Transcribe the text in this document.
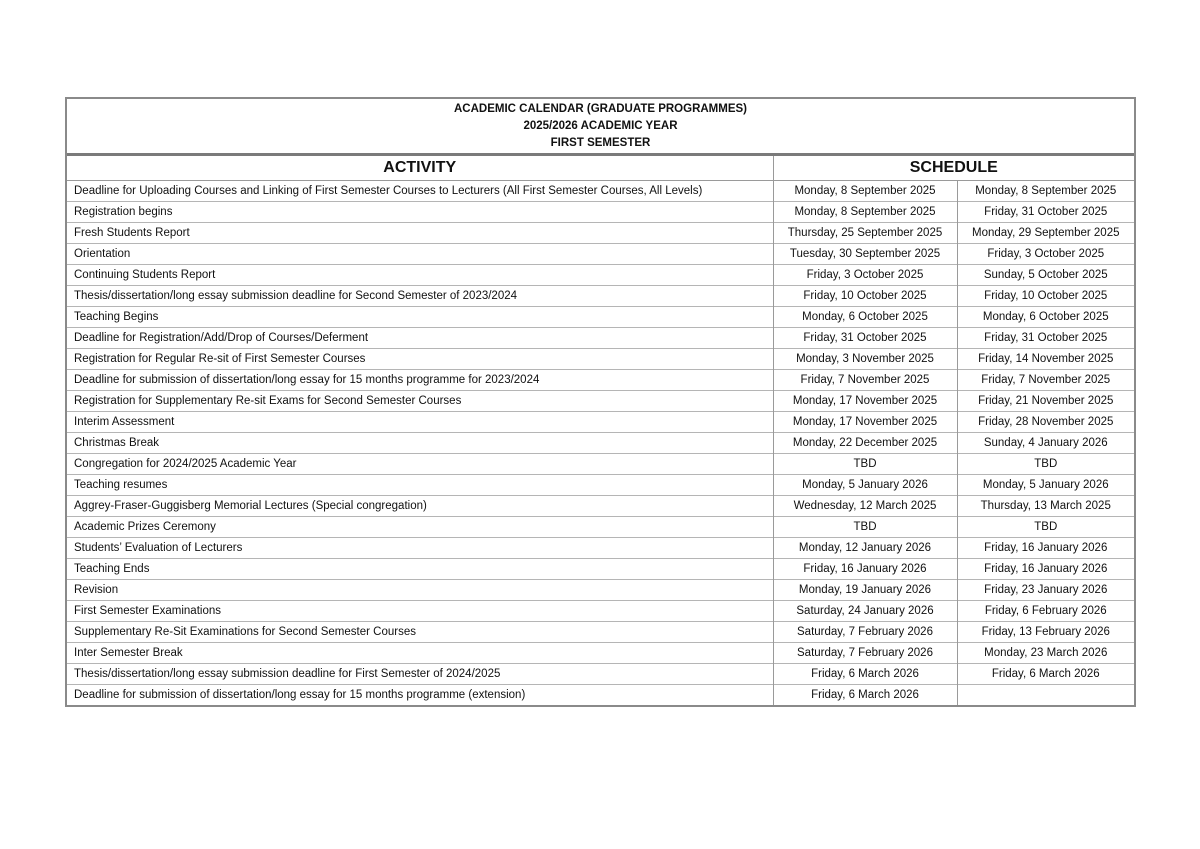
ACADEMIC CALENDAR (GRADUATE PROGRAMMES)
2025/2026 ACADEMIC YEAR
FIRST SEMESTER
ACTIVITY	SCHEDULE	
Deadline for Uploading Courses and Linking of First Semester Courses to Lecturers (All First Semester Courses, All Levels)	Monday, 8 September 2025	Monday, 8 September 2025
Registration begins	Monday, 8 September 2025	Friday, 31 October 2025
Fresh Students Report	Thursday, 25 September 2025	Monday, 29 September 2025
Orientation	Tuesday, 30 September 2025	Friday, 3 October 2025
Continuing Students Report	Friday, 3 October 2025	Sunday, 5 October 2025
Thesis/dissertation/long essay submission deadline for Second Semester of 2023/2024	Friday, 10 October 2025	Friday, 10 October 2025
Teaching Begins	Monday, 6 October 2025	Monday, 6 October 2025
Deadline for Registration/Add/Drop of Courses/Deferment	Friday, 31 October 2025	Friday, 31 October 2025
Registration for Regular Re-sit of First Semester Courses	Monday, 3 November 2025	Friday, 14 November 2025
Deadline for submission of dissertation/long essay for 15 months programme for 2023/2024	Friday, 7 November 2025	Friday, 7 November 2025
Registration for Supplementary Re-sit Exams for Second Semester Courses	Monday, 17 November 2025	Friday, 21 November 2025
Interim Assessment	Monday, 17 November 2025	Friday, 28 November 2025
Christmas Break	Monday, 22 December 2025	Sunday, 4 January 2026
Congregation for 2024/2025 Academic Year	TBD	TBD
Teaching resumes	Monday, 5 January 2026	Monday, 5 January 2026
Aggrey-Fraser-Guggisberg Memorial Lectures (Special congregation)	Wednesday, 12 March 2025	Thursday, 13 March 2025
Academic Prizes Ceremony	TBD	TBD
Students’ Evaluation of Lecturers	Monday, 12 January 2026	Friday, 16 January 2026
Teaching Ends	Friday, 16 January 2026	Friday, 16 January 2026
Revision	Monday, 19 January 2026	Friday, 23 January 2026
First Semester Examinations	Saturday, 24 January 2026	Friday, 6 February 2026
Supplementary Re-Sit Examinations for Second Semester Courses	Saturday, 7 February 2026	Friday, 13 February 2026
Inter Semester Break	Saturday, 7 February 2026	Monday, 23 March 2026
Thesis/dissertation/long essay submission deadline for First Semester of 2024/2025	Friday, 6 March 2026	Friday, 6 March 2026
Deadline for submission of dissertation/long essay for 15 months programme (extension)	Friday, 6 March 2026	
